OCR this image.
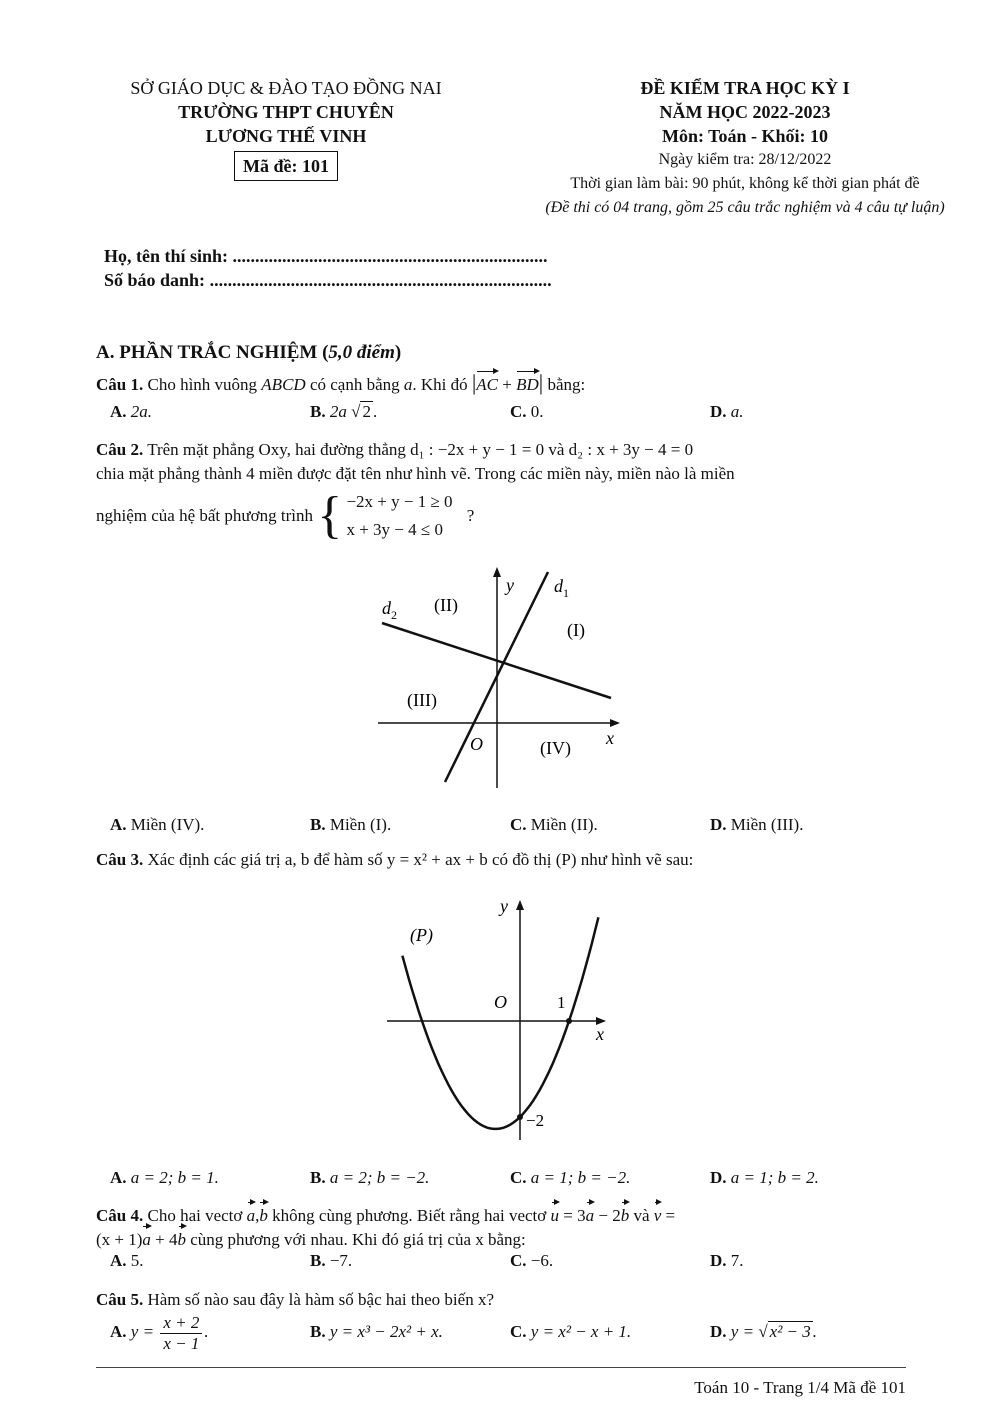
SỞ GIÁO DỤC & ĐÀO TẠO ĐỒNG NAI
TRƯỜNG THPT CHUYÊN
LƯƠNG THẾ VINH
Mã đề: 101
ĐỀ KIỂM TRA HỌC KỲ I
NĂM HỌC 2022-2023
Môn: Toán - Khối: 10
Ngày kiểm tra: 28/12/2022
Thời gian làm bài: 90 phút, không kể thời gian phát đề
(Đề thi có 04 trang, gồm 25 câu trắc nghiệm và 4 câu tự luận)
Họ, tên thí sinh: ......................................................................
Số báo danh: ............................................................................
A. PHẦN TRẮC NGHIỆM (5,0 điểm)
Câu 1. Cho hình vuông ABCD có cạnh bằng a. Khi đó |AC + BD| bằng:
A. 2a.	B. 2a √ 2 .	C. 0.	D. a.
Câu 2. Trên mặt phẳng Oxy, hai đường thẳng d₁ : −2x + y − 1 = 0 và d₂ : x + 3y − 4 = 0
chia mặt phẳng thành 4 miền được đặt tên như hình vẽ. Trong các miền này, miền nào là miền
nghiệm của hệ bất phương trình { −2x + y − 1 ≥ 0
x + 3y − 4 ≤ 0
?
y
x
O
$d_1$
$d_2$
(I)
(II)
(III)
(IV)
A. Miền (IV).	B. Miền (I).	C. Miền (II).	D. Miền (III).
Câu 3. Xác định các giá trị a, b để hàm số y = x² + ax + b có đồ thị (P) như hình vẽ sau:
y
x
O	1
−2
(P)
A. a = 2; b = 1.	B. a = 2; b = −2.	C. a = 1; b = −2.	D. a = 1; b = 2.
Câu 4. Cho hai vectơ a,b không cùng phương. Biết rằng hai vectơ u = 3a − 2b và v =
(x + 1)a + 4b cùng phương với nhau. Khi đó giá trị của x bằng:
A. 5.	B. −7.	C. −6.	D. 7.
Câu 5. Hàm số nào sau đây là hàm số bậc hai theo biến x?
A. $y = \frac{x + 2}{x - 1}$ .	B. y = x³ − 2x² + x.	C. y = x² − x + 1.	D. y = √ x² − 3 .
Toán 10 - Trang 1/4 Mã đề 101
